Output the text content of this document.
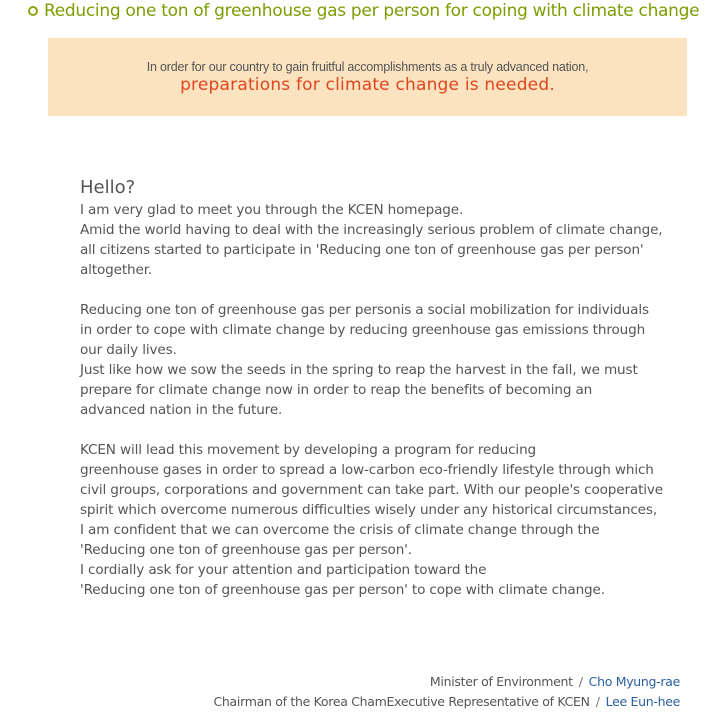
Reducing one ton of greenhouse gas per person for coping with climate change
In order for our country to gain fruitful accomplishments as a truly advanced nation,
preparations for climate change is needed.
Hello?

I am very glad to meet you through the KCEN homepage.

Amid the world having to deal with the increasingly serious problem of climate change,

all citizens started to participate in 'Reducing one ton of greenhouse gas per person'

altogether.

Reducing one ton of greenhouse gas per personis a social mobilization for individuals

in order to cope with climate change by reducing greenhouse gas emissions through

our daily lives.

Just like how we sow the seeds in the spring to reap the harvest in the fall, we must

prepare for climate change now in order to reap the benefits of becoming an

advanced nation in the future.

KCEN will lead this movement by developing a program for reducing

greenhouse gases in order to spread a low-carbon eco-friendly lifestyle through which

civil groups, corporations and government can take part. With our people's cooperative

spirit which overcome numerous difficulties wisely under any historical circumstances,

I am confident that we can overcome the crisis of climate change through the

'Reducing one ton of greenhouse gas per person'.

I cordially ask for your attention and participation toward the

'Reducing one ton of greenhouse gas per person' to cope with climate change.

Minister of Environment / Cho Myung-rae
Chairman of the Korea ChamExecutive Representative of KCEN / Lee Eun-hee
